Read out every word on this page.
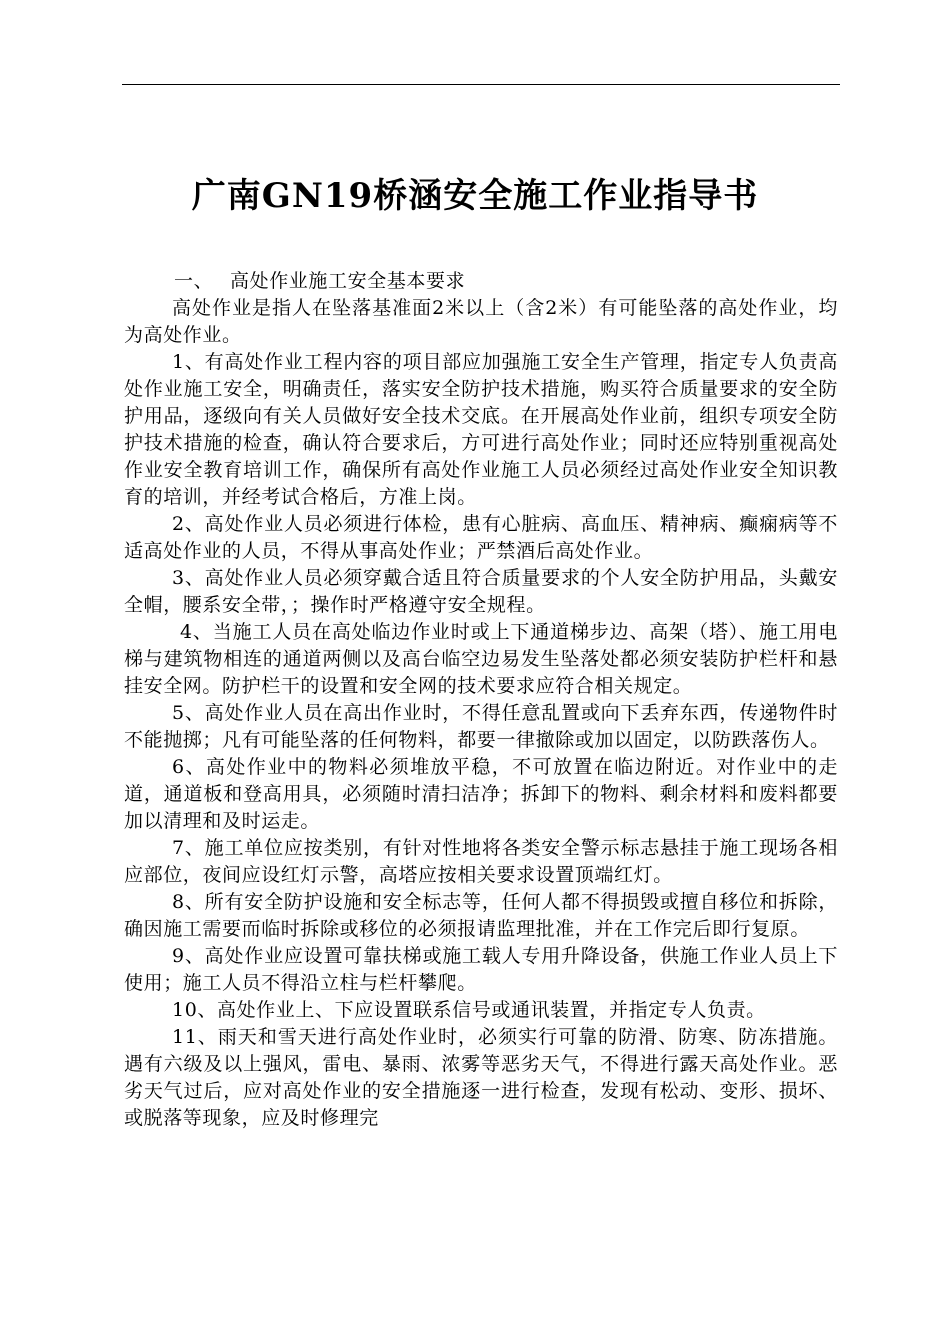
广南GN19桥涵安全施工作业指导书
一、 高处作业施工安全基本要求

高处作业是指人在坠落基准面2米以上（含2米）有可能坠落的高处作业，均为高处作业。

1、有高处作业工程内容的项目部应加强施工安全生产管理，指定专人负责高处作业施工安全，明确责任，落实安全防护技术措施，购买符合质量要求的安全防护用品，逐级向有关人员做好安全技术交底。在开展高处作业前，组织专项安全防护技术措施的检查，确认符合要求后，方可进行高处作业；同时还应特别重视高处作业安全教育培训工作，确保所有高处作业施工人员必须经过高处作业安全知识教育的培训，并经考试合格后，方准上岗。

2、高处作业人员必须进行体检，患有心脏病、高血压、精神病、癫痫病等不适高处作业的人员，不得从事高处作业；严禁酒后高处作业。

3、高处作业人员必须穿戴合适且符合质量要求的个人安全防护用品，头戴安全帽，腰系安全带，；操作时严格遵守安全规程。

4、当施工人员在高处临边作业时或上下通道梯步边、高架（塔）、施工用电梯与建筑物相连的通道两侧以及高台临空边易发生坠落处都必须安装防护栏杆和悬挂安全网。防护栏干的设置和安全网的技术要求应符合相关规定。

5、高处作业人员在高出作业时，不得任意乱置或向下丢弃东西，传递物件时不能抛掷；凡有可能坠落的任何物料，都要一律撤除或加以固定，以防跌落伤人。

6、高处作业中的物料必须堆放平稳，不可放置在临边附近。对作业中的走道，通道板和登高用具，必须随时清扫洁净；拆卸下的物料、剩余材料和废料都要加以清理和及时运走。

7、施工单位应按类别，有针对性地将各类安全警示标志悬挂于施工现场各相应部位，夜间应设红灯示警，高塔应按相关要求设置顶端红灯。

8、所有安全防护设施和安全标志等，任何人都不得损毁或擅自移位和拆除，确因施工需要而临时拆除或移位的必须报请监理批准，并在工作完后即行复原。

9、高处作业应设置可靠扶梯或施工载人专用升降设备，供施工作业人员上下使用；施工人员不得沿立柱与栏杆攀爬。

10、高处作业上、下应设置联系信号或通讯装置，并指定专人负责。

11、雨天和雪天进行高处作业时，必须实行可靠的防滑、防寒、防冻措施。遇有六级及以上强风，雷电、暴雨、浓雾等恶劣天气，不得进行露天高处作业。恶劣天气过后，应对高处作业的安全措施逐一进行检查，发现有松动、变形、损坏、或脱落等现象，应及时修理完
